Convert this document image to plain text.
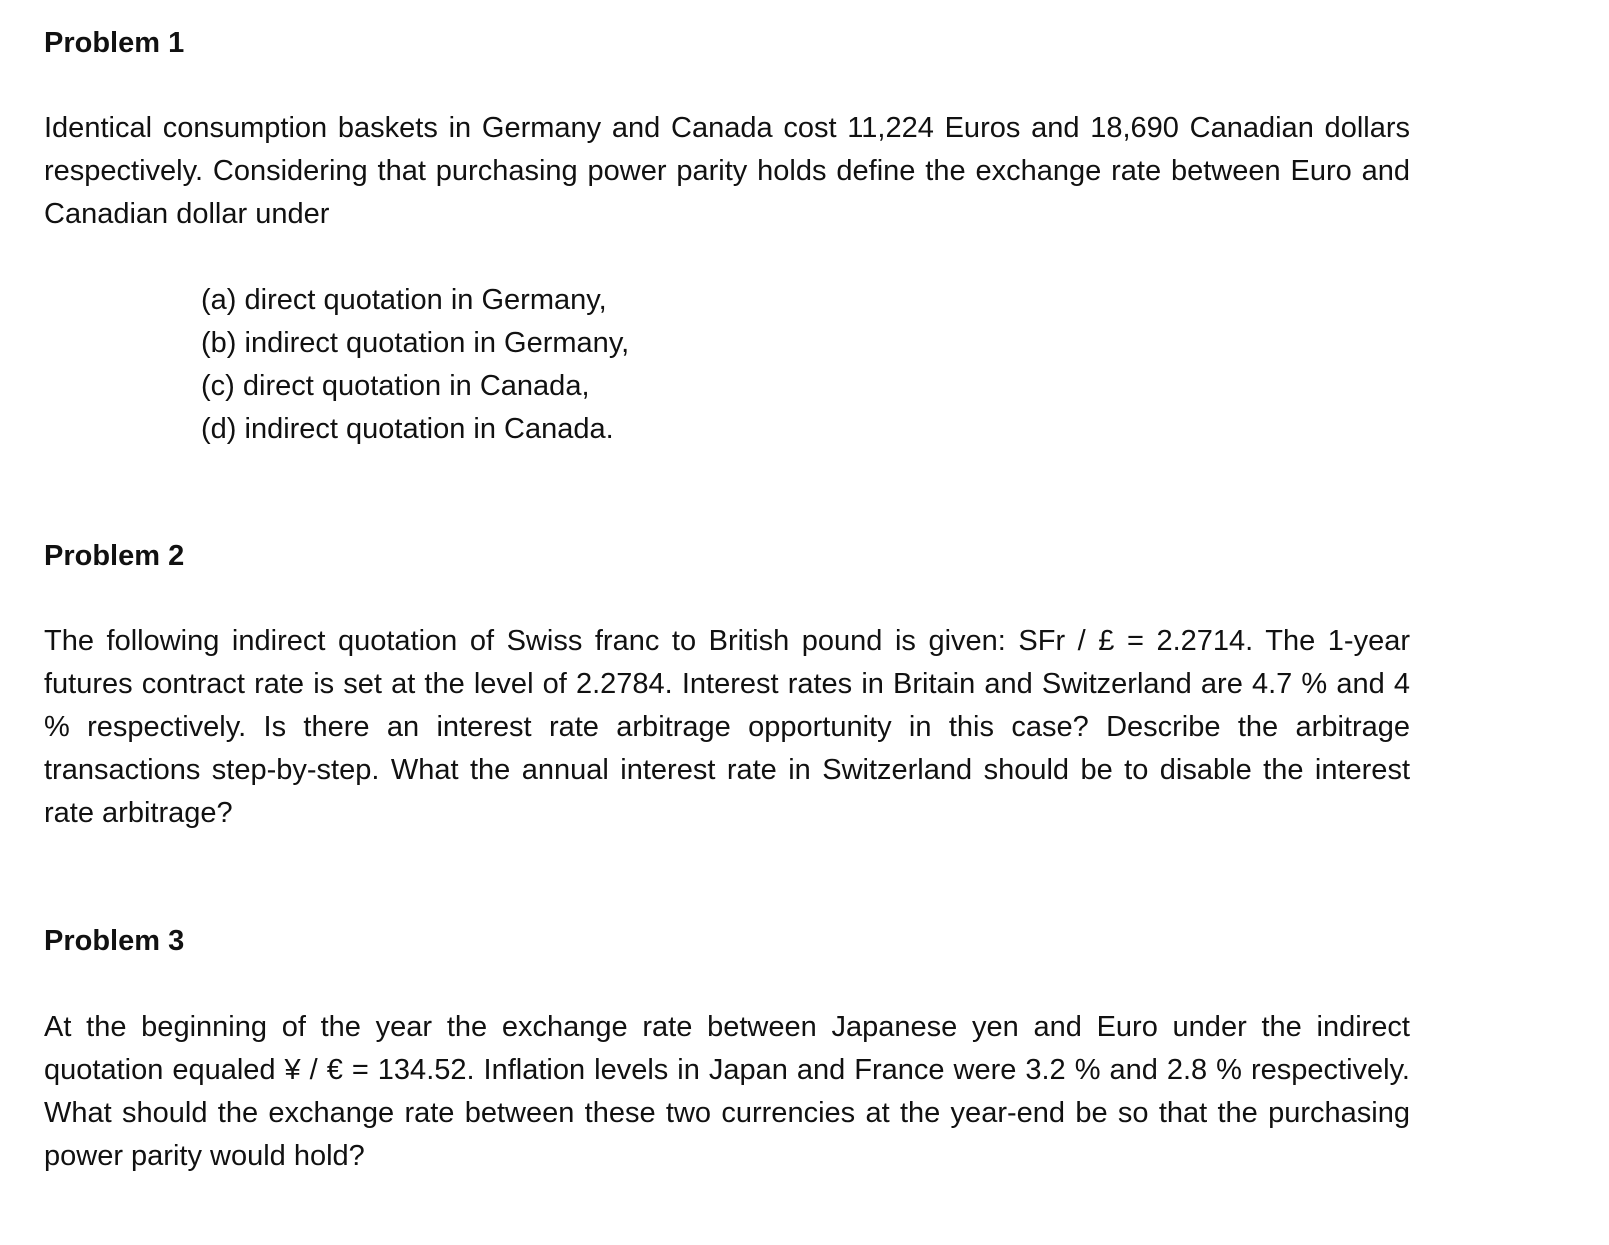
Problem 1

Identical consumption baskets in Germany and Canada cost 11,224 Euros and 18,690 Canadian dollars respectively. Considering that purchasing power parity holds define the exchange rate between Euro and Canadian dollar under

(a) direct quotation in Germany,
(b) indirect quotation in Germany,
(c) direct quotation in Canada,
(d) indirect quotation in Canada.
Problem 2

The following indirect quotation of Swiss franc to British pound is given: SFr / £ = 2.2714. The 1-year futures contract rate is set at the level of 2.2784. Interest rates in Britain and Switzerland are 4.7 % and 4 % respectively. Is there an interest rate arbitrage opportunity in this case? Describe the arbitrage transactions step-by-step. What the annual interest rate in Switzerland should be to disable the interest rate arbitrage?

Problem 3

At the beginning of the year the exchange rate between Japanese yen and Euro under the indirect quotation equaled ¥ / € = 134.52. Inflation levels in Japan and France were 3.2 % and 2.8 % respectively. What should the exchange rate between these two currencies at the year-end be so that the purchasing power parity would hold?
